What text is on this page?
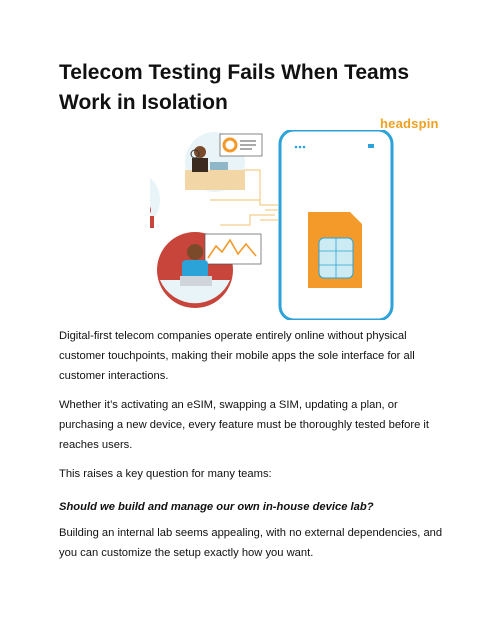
Telecom Testing Fails When Teams Work in Isolation
headspin

Digital-first telecom companies operate entirely online without physical customer touchpoints, making their mobile apps the sole interface for all customer interactions.

Whether it’s activating an eSIM, swapping a SIM, updating a plan, or purchasing a new device, every feature must be thoroughly tested before it reaches users.

This raises a key question for many teams:

Should we build and manage our own in-house device lab?

Building an internal lab seems appealing, with no external dependencies, and you can customize the setup exactly how you want.
